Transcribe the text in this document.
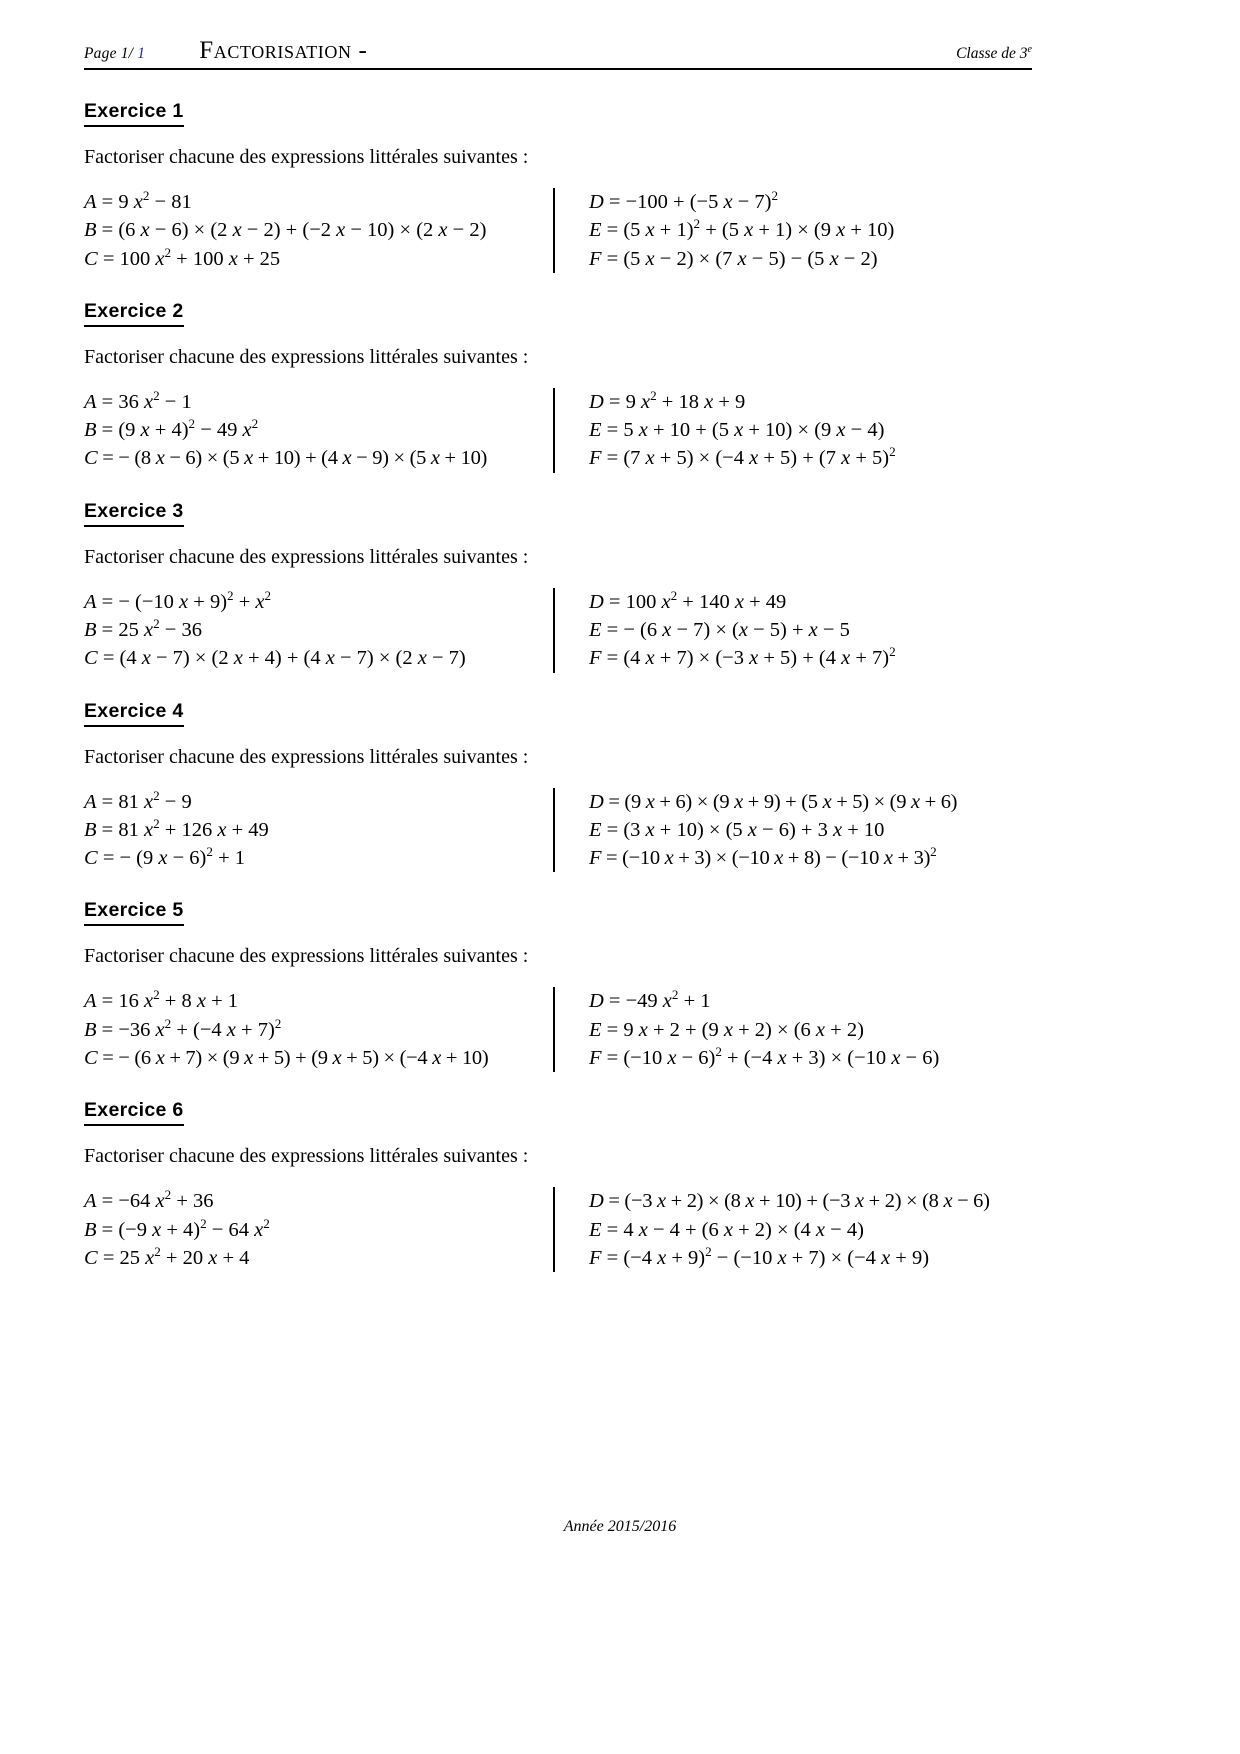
Page 1/ 1 Factorisation -	Classe de 3e
Exercice 1
Factoriser chacune des expressions littérales suivantes :
A = 9 $x^2 - 81$
B = (6 x − 6) × (2 x − 2) + (−2 x − 10) × (2 x − 2)
C = 100 $x^2 + 100$ x + 25
D = −100 + (−5 x − 7)$^2$
E = (5 x + 1)$^2$ + (5 x + 1) × (9 x + 10)
F = (5 x − 2) × (7 x − 5) − (5 x − 2)
Exercice 2
Factoriser chacune des expressions littérales suivantes :
A = 36 $x^2 - 1$
B = (9 x + 4)$^2$ − 49 $x^2$
C = − (8 x − 6) × (5 x + 10) + (4 x − 9) × (5 x + 10)
D = 9 $x^2 + 18$ x + 9
E = 5 x + 10 + (5 x + 10) × (9 x − 4)
F = (7 x + 5) × (−4 x + 5) + (7 x + 5)$^2$
Exercice 3
Factoriser chacune des expressions littérales suivantes :
A = − (−10 $x + 9)^2 + x^2$
B = 25 $x^2 - 36$
C = (4 x − 7) × (2 x + 4) + (4 x − 7) × (2 x − 7)
D = 100 $x^2 + 140$ x + 49
E = − (6 x − 7) × (x − 5) + x − 5
F = (4 x + 7) × (−3 x + 5) + (4 x + 7)$^2$
Exercice 4
Factoriser chacune des expressions littérales suivantes :
A = 81 $x^2 - 9$
B = 81 $x^2 + 126$ x + 49
C = − (9 x − 6)$^2$ + 1
D = (9 x + 6) × (9 x + 9) + (5 x + 5) × (9 x + 6)
E = (3 x + 10) × (5 x − 6) + 3 x + 10
F = (−10 x + 3) × (−10 x + 8) − (−10 x + 3)$^2$
Exercice 5
Factoriser chacune des expressions littérales suivantes :
A = 16 $x^2 + 8$ x + 1
B = −36 $x^2 + (-4$ x + 7)$^2$
C = − (6 x + 7) × (9 x + 5) + (9 x + 5) × (−4 x + 10)
D = −49 $x^2 + 1$
E = 9 x + 2 + (9 x + 2) × (6 x + 2)
F = (−10 x − 6)$^2$ + (−4 x + 3) × (−10 x − 6)
Exercice 6
Factoriser chacune des expressions littérales suivantes :
A = −64 $x^2 + 36$
B = (−9 x + 4)$^2$ − 64 $x^2$
C = 25 $x^2 + 20$ x + 4
D = (−3 x + 2) × (8 x + 10) + (−3 x + 2) × (8 x − 6)
E = 4 x − 4 + (6 x + 2) × (4 x − 4)
F = (−4 x + 9)$^2$ − (−10 x + 7) × (−4 x + 9)
Année 2015/2016
